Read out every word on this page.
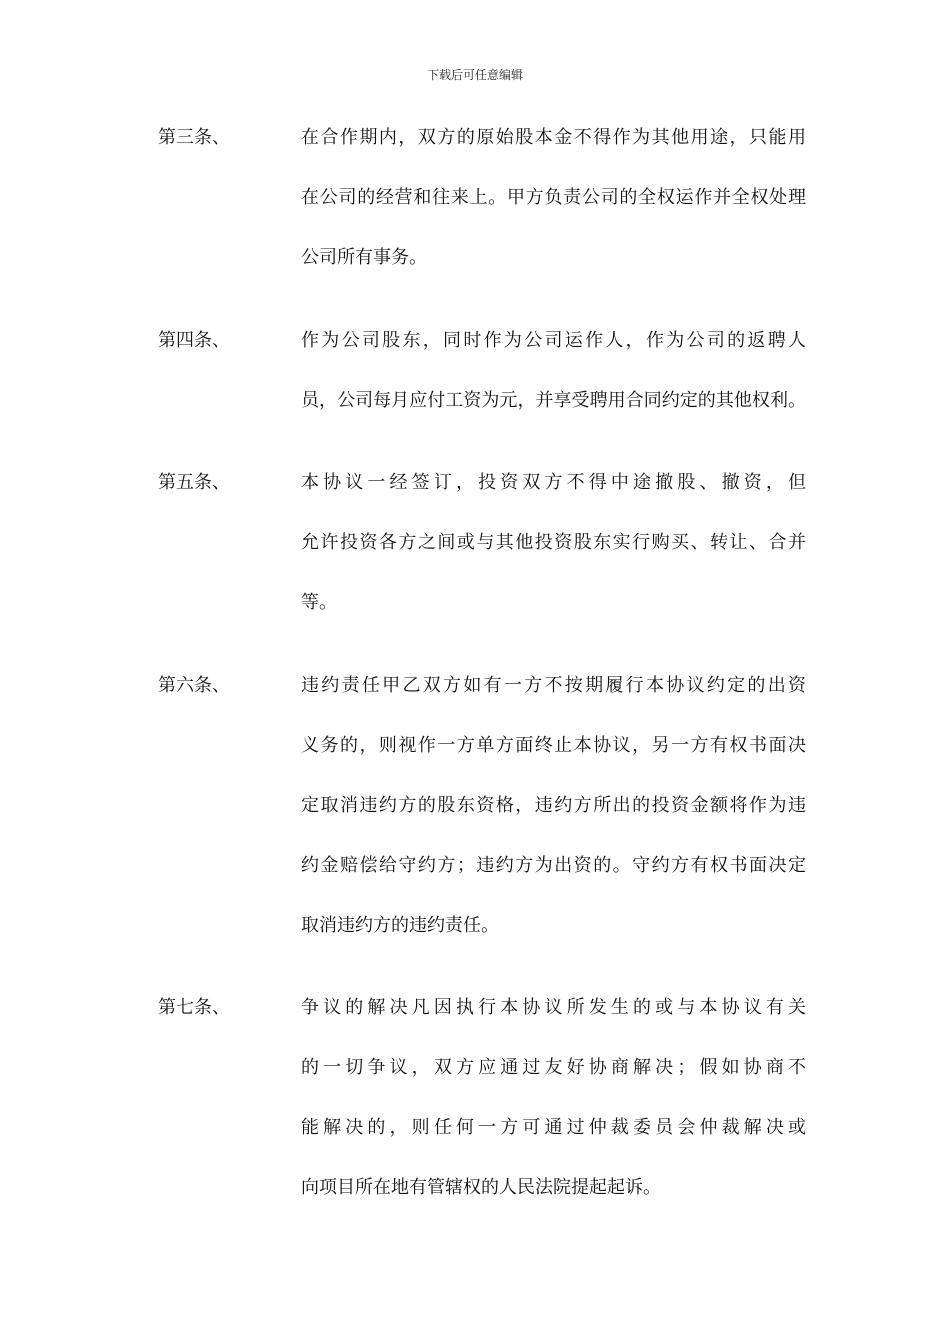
下载后可任意编辑
第三条、	在合作期内，双方的原始股本金不得作为其他用途，只能用
在公司的经营和往来上。甲方负责公司的全权运作并全权处理
公司所有事务。
第四条、	作为公司股东，同时作为公司运作人，作为公司的返聘人
员，公司每月应付工资为元，并享受聘用合同约定的其他权利。
第五条、	本协议一经签订，投资双方不得中途撤股、撤资，但
允许投资各方之间或与其他投资股东实行购买、转让、合并
等。
第六条、	违约责任甲乙双方如有一方不按期履行本协议约定的出资
义务的，则视作一方单方面终止本协议，另一方有权书面决
定取消违约方的股东资格，违约方所出的投资金额将作为违
约金赔偿给守约方；违约方为出资的。守约方有权书面决定
取消违约方的违约责任。
第七条、	争议的解决凡因执行本协议所发生的或与本协议有关
的一切争议，双方应通过友好协商解决；假如协商不
能解决的，则任何一方可通过仲裁委员会仲裁解决或
向项目所在地有管辖权的人民法院提起起诉。
